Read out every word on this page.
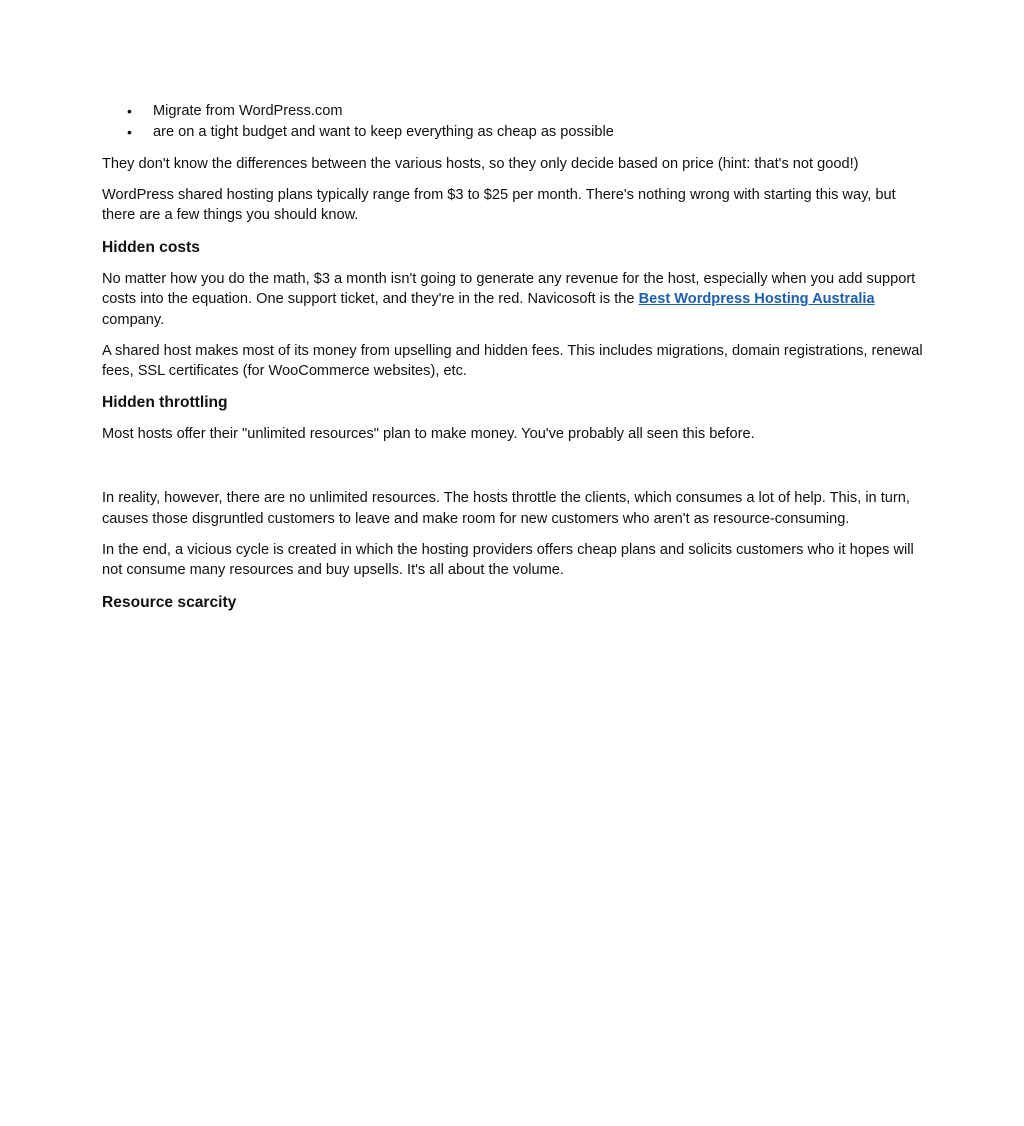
• Migrate from WordPress.com
• are on a tight budget and want to keep everything as cheap as possible

They don't know the differences between the various hosts, so they only decide based on price (hint: that's not good!)

WordPress shared hosting plans typically range from $3 to $25 per month. There's nothing wrong with starting this way, but there are a few things you should know.

Hidden costs

No matter how you do the math, $3 a month isn't going to generate any revenue for the host, especially when you add support costs into the equation. One support ticket, and they're in the red. Navicosoft is the Best Wordpress Hosting Australia company.

A shared host makes most of its money from upselling and hidden fees. This includes migrations, domain registrations, renewal fees, SSL certificates (for WooCommerce websites), etc.

Hidden throttling

Most hosts offer their "unlimited resources" plan to make money. You've probably all seen this before.

In reality, however, there are no unlimited resources. The hosts throttle the clients, which consumes a lot of help. This, in turn, causes those disgruntled customers to leave and make room for new customers who aren't as resource-consuming.

In the end, a vicious cycle is created in which the hosting providers offers cheap plans and solicits customers who it hopes will not consume many resources and buy upsells. It's all about the volume.

Resource scarcity
